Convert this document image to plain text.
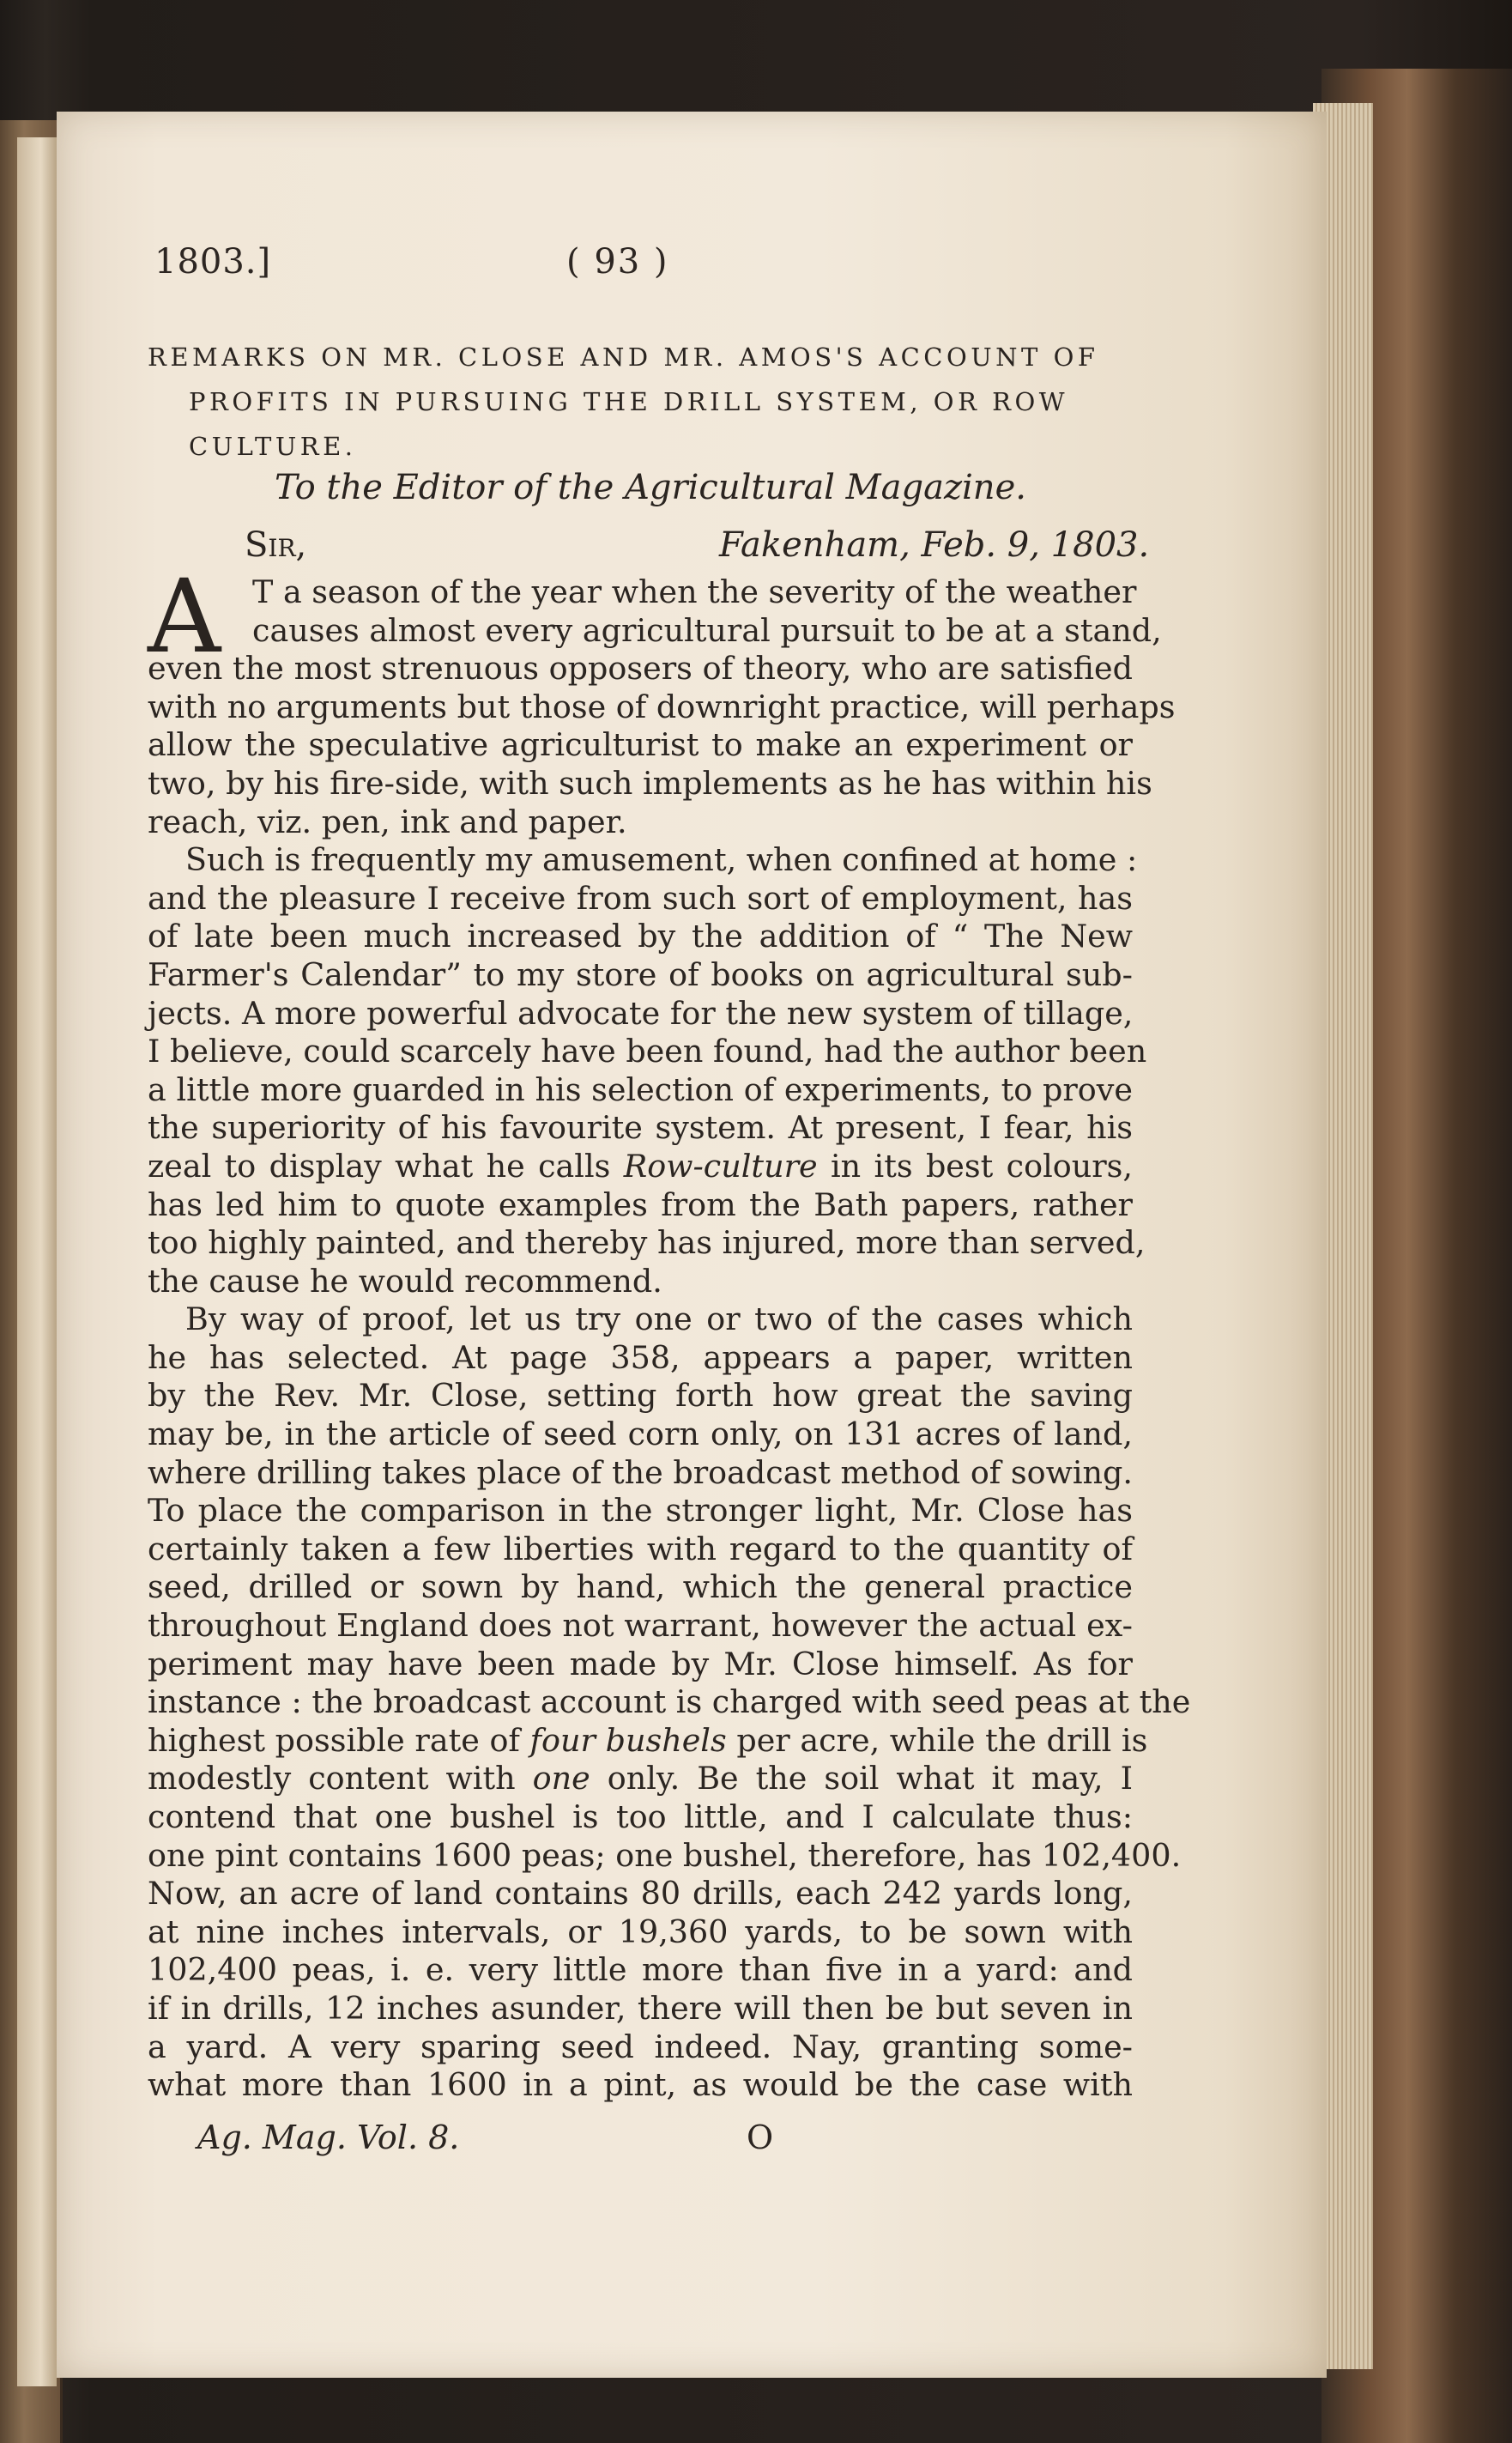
1803.]	( 93 )
REMARKS ON MR. CLOSE AND MR. AMOS'S ACCOUNT OF
PROFITS IN PURSUING THE DRILL SYSTEM, OR ROW
CULTURE.
To the Editor of the Agricultural Magazine.
Sir,	Fakenham, Feb. 9, 1803.
A	T a season of the year when the severity of the weather
causes almost every agricultural pursuit to be at a stand,
even the most strenuous opposers of theory, who are satisfied
with no arguments but those of downright practice, will perhaps
allow the speculative agriculturist to make an experiment or
two, by his fire-side, with such implements as he has within his
reach, viz. pen, ink and paper.
Such is frequently my amusement, when confined at home :
and the pleasure I receive from such sort of employment, has
of late been much increased by the addition of “ The New
Farmer's Calendar” to my store of books on agricultural sub-
jects. A more powerful advocate for the new system of tillage,
I believe, could scarcely have been found, had the author been
a little more guarded in his selection of experiments, to prove
the superiority of his favourite system. At present, I fear, his
zeal to display what he calls Row-culture in its best colours,
has led him to quote examples from the Bath papers, rather
too highly painted, and thereby has injured, more than served,
the cause he would recommend.
By way of proof, let us try one or two of the cases which
he has selected. At page 358, appears a paper, written
by the Rev. Mr. Close, setting forth how great the saving
may be, in the article of seed corn only, on 131 acres of land,
where drilling takes place of the broadcast method of sowing.
To place the comparison in the stronger light, Mr. Close has
certainly taken a few liberties with regard to the quantity of
seed, drilled or sown by hand, which the general practice
throughout England does not warrant, however the actual ex-
periment may have been made by Mr. Close himself. As for
instance : the broadcast account is charged with seed peas at the
highest possible rate of four bushels per acre, while the drill is
modestly content with one only. Be the soil what it may, I
contend that one bushel is too little, and I calculate thus:
one pint contains 1600 peas; one bushel, therefore, has 102,400.
Now, an acre of land contains 80 drills, each 242 yards long,
at nine inches intervals, or 19,360 yards, to be sown with
102,400 peas, i. e. very little more than five in a yard: and
if in drills, 12 inches asunder, there will then be but seven in
a yard. A very sparing seed indeed. Nay, granting some-
what more than 1600 in a pint, as would be the case with
Ag. Mag. Vol. 8.	O
